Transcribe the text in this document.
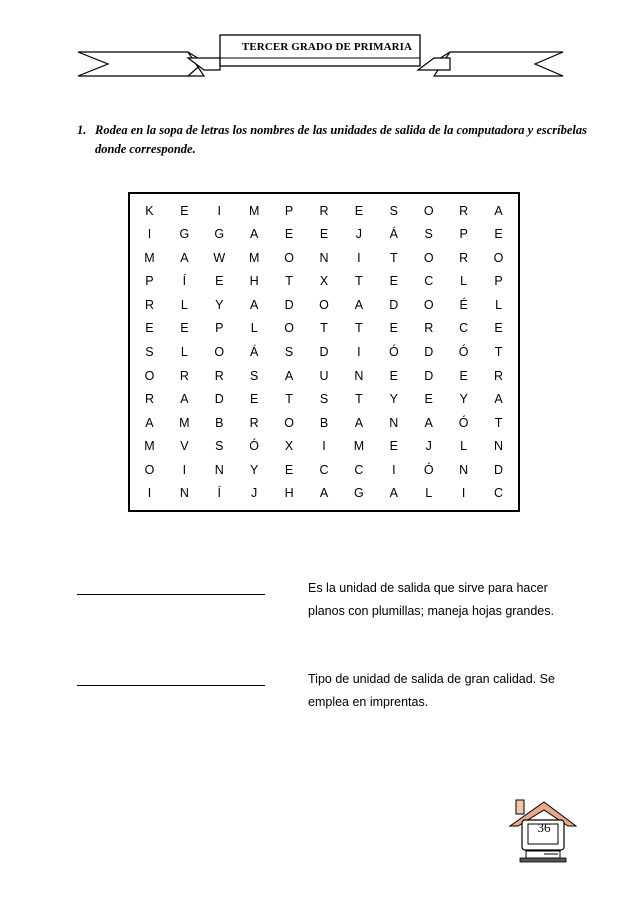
TERCER GRADO DE PRIMARIA
1. Rodea en la sopa de letras los nombres de las unidades de salida de la computadora y escríbelas donde corresponde.
K	E	I	M	P	R	E	S	O	R	A
I	G	G	A	E	E	J	Á	S	P	E
M	A	W	M	O	N	I	T	O	R	O
P	Í	E	H	T	X	T	E	C	L	P
R	L	Y	A	D	O	A	D	O	É	L
E	E	P	L	O	T	T	E	R	C	E
S	L	O	Á	S	D	I	Ó	D	Ó	T
O	R	R	S	A	U	N	E	D	E	R
R	A	D	E	T	S	T	Y	E	Y	A
A	M	B	R	O	B	A	N	A	Ó	T
M	V	S	Ó	X	I	M	E	J	L	N
O	I	N	Y	E	C	C	I	Ó	N	D
I	N	Í	J	H	A	G	A	L	I	C

Es la unidad de salida que sirve para hacer

planos con plumillas; maneja hojas grandes.

Tipo de unidad de salida de gran calidad. Se

emplea en imprentas.

36
